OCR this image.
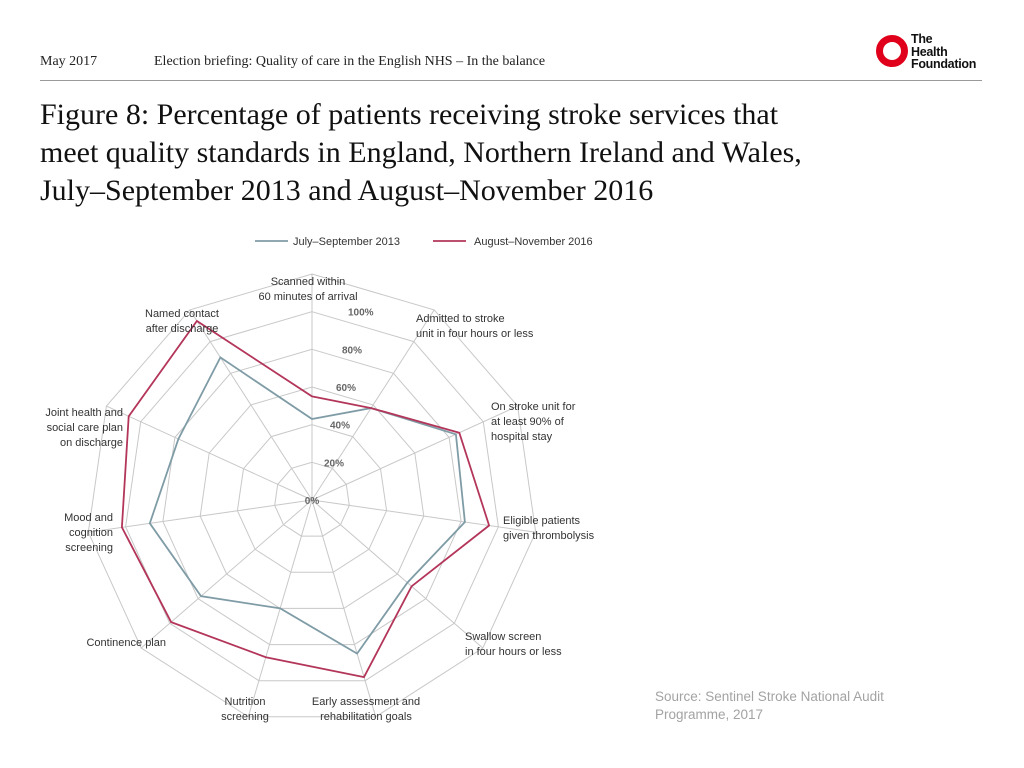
May 2017	Election briefing: Quality of care in the English NHS – In the balance
The
Health
Foundation
Figure 8: Percentage of patients receiving stroke services that
meet quality standards in England, Northern Ireland and Wales,
July–September 2013 and August–November 2016
0%
20%
40%
60%
80%
100%
Scanned within 60 minutes of arrival
Admitted to stroke unit in four hours or less
On stroke unit for at least 90% of hospital stay
Eligible patients given thrombolysis
Swallow screen in four hours or less
Early assessment and rehabilitation goals
Nutrition screening
Continence plan
Mood and cognition screening
Joint health and social care plan on discharge
Named contact after discharge
July–September 2013	August–November 2016
Source: Sentinel Stroke National Audit
Programme, 2017
